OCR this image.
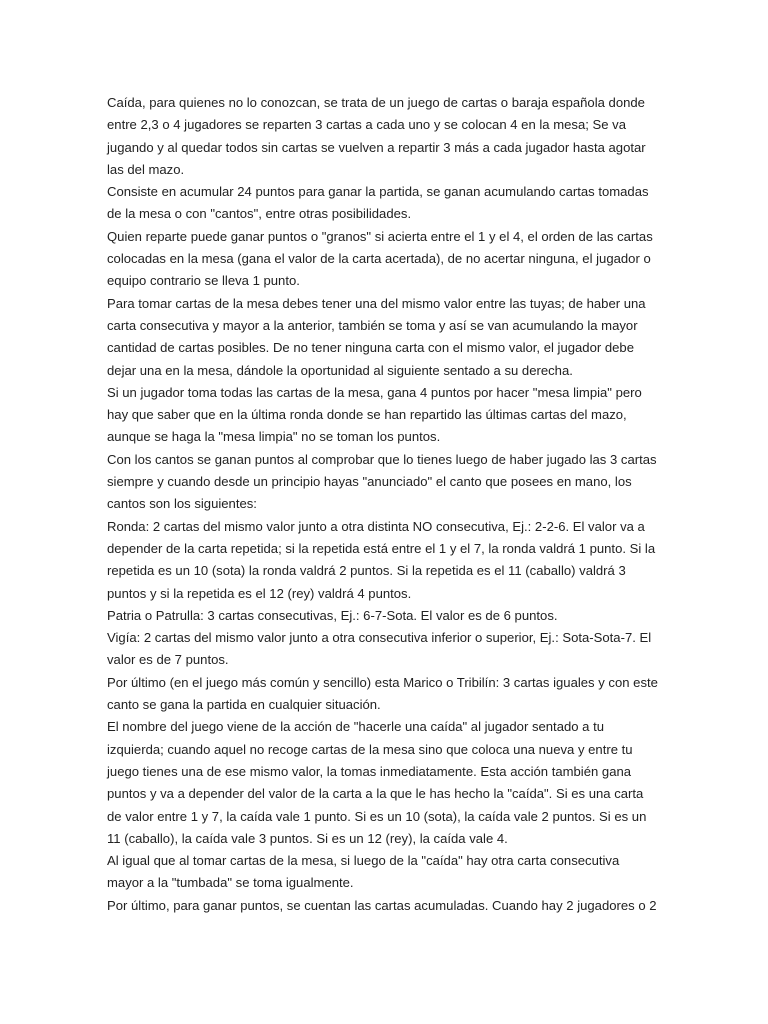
Caída, para quienes no lo conozcan, se trata de un juego de cartas o baraja española donde
entre 2,3 o 4 jugadores se reparten 3 cartas a cada uno y se colocan 4 en la mesa; Se va
jugando y al quedar todos sin cartas se vuelven a repartir 3 más a cada jugador hasta agotar
las del mazo.
Consiste en acumular 24 puntos para ganar la partida, se ganan acumulando cartas tomadas
de la mesa o con "cantos", entre otras posibilidades.
Quien reparte puede ganar puntos o "granos" si acierta entre el 1 y el 4, el orden de las cartas
colocadas en la mesa (gana el valor de la carta acertada), de no acertar ninguna, el jugador o
equipo contrario se lleva 1 punto.
Para tomar cartas de la mesa debes tener una del mismo valor entre las tuyas; de haber una
carta consecutiva y mayor a la anterior, también se toma y así se van acumulando la mayor
cantidad de cartas posibles. De no tener ninguna carta con el mismo valor, el jugador debe
dejar una en la mesa, dándole la oportunidad al siguiente sentado a su derecha.
Si un jugador toma todas las cartas de la mesa, gana 4 puntos por hacer "mesa limpia" pero
hay que saber que en la última ronda donde se han repartido las últimas cartas del mazo,
aunque se haga la "mesa limpia" no se toman los puntos.
Con los cantos se ganan puntos al comprobar que lo tienes luego de haber jugado las 3 cartas
siempre y cuando desde un principio hayas "anunciado" el canto que posees en mano, los
cantos son los siguientes:
Ronda: 2 cartas del mismo valor junto a otra distinta NO consecutiva, Ej.: 2-2-6. El valor va a
depender de la carta repetida; si la repetida está entre el 1 y el 7, la ronda valdrá 1 punto. Si la
repetida es un 10 (sota) la ronda valdrá 2 puntos. Si la repetida es el 11 (caballo) valdrá 3
puntos y si la repetida es el 12 (rey) valdrá 4 puntos.
Patria o Patrulla: 3 cartas consecutivas, Ej.: 6-7-Sota. El valor es de 6 puntos.
Vigía: 2 cartas del mismo valor junto a otra consecutiva inferior o superior, Ej.: Sota-Sota-7. El
valor es de 7 puntos.
Por último (en el juego más común y sencillo) esta Marico o Tribilín: 3 cartas iguales y con este
canto se gana la partida en cualquier situación.
El nombre del juego viene de la acción de "hacerle una caída" al jugador sentado a tu
izquierda; cuando aquel no recoge cartas de la mesa sino que coloca una nueva y entre tu
juego tienes una de ese mismo valor, la tomas inmediatamente. Esta acción también gana
puntos y va a depender del valor de la carta a la que le has hecho la "caída". Si es una carta
de valor entre 1 y 7, la caída vale 1 punto. Si es un 10 (sota), la caída vale 2 puntos. Si es un
11 (caballo), la caída vale 3 puntos. Si es un 12 (rey), la caída vale 4.
Al igual que al tomar cartas de la mesa, si luego de la "caída" hay otra carta consecutiva
mayor a la "tumbada" se toma igualmente.
Por último, para ganar puntos, se cuentan las cartas acumuladas. Cuando hay 2 jugadores o 2
